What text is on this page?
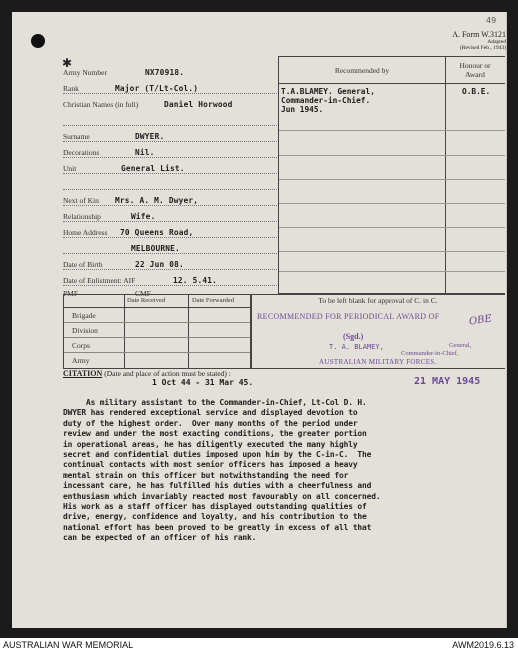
49
✱
A. Form W.3121
Adapted
(Revised Feb., 1943)
Army Number	NX70918.
Rank	Major (T/Lt-Col.)
Christian Names (in full)	Daniel Horwood
Surname	DWYER.
Decorations	Nil.
Unit	General List.
Next of Kin Mrs. A. M. Dwyer,
Relationship	Wife.
Home Address 70 Queens Road,
MELBOURNE.
Date of Birth	22 Jun 08.
Date of Enlistment: AIF	12. 5.41.
PMF	CMF
Recommended by
Honour or
Award
T.A.BLAMEY. General,
Commander-in-Chief.
Jun 1945.
O.B.E.
Date Received	Date Forwarded
Brigade
Division
Corps
Army
To be left blank for approval of C. in C.
RECOMMENDED FOR PERIODICAL AWARD OF	OBE
(Sgd.)
T. A. BLAMEY,	General,
Commander-in-Chief,
AUSTRALIAN MILITARY FORCES.
CITATION (Date and place of action must be stated) :
1 Oct 44 - 31 Mar 45.	21 MAY 1945
As military assistant to the Commander-in-Chief, Lt-Col D. H.
DWYER has rendered exceptional service and displayed devotion to
duty of the highest order.  Over many months of the period under
review and under the most exacting conditions, the greater portion
in operational areas, he has diligently executed the many highly
secret and confidential duties imposed upon him by the C-in-C.  The
continual contacts with most senior officers has imposed a heavy
mental strain on this officer but notwithstanding the need for
incessant care, he has fulfilled his duties with a cheerfulness and
enthusiasm which invariably reacted most favourably on all concerned.
His work as a staff officer has displayed outstanding qualities of
drive, energy, confidence and loyalty, and his contribution to the
national effort has been proved to be greatly in excess of all that
can be expected of an officer of his rank.
AUSTRALIAN WAR MEMORIAL	AWM2019.6.13
